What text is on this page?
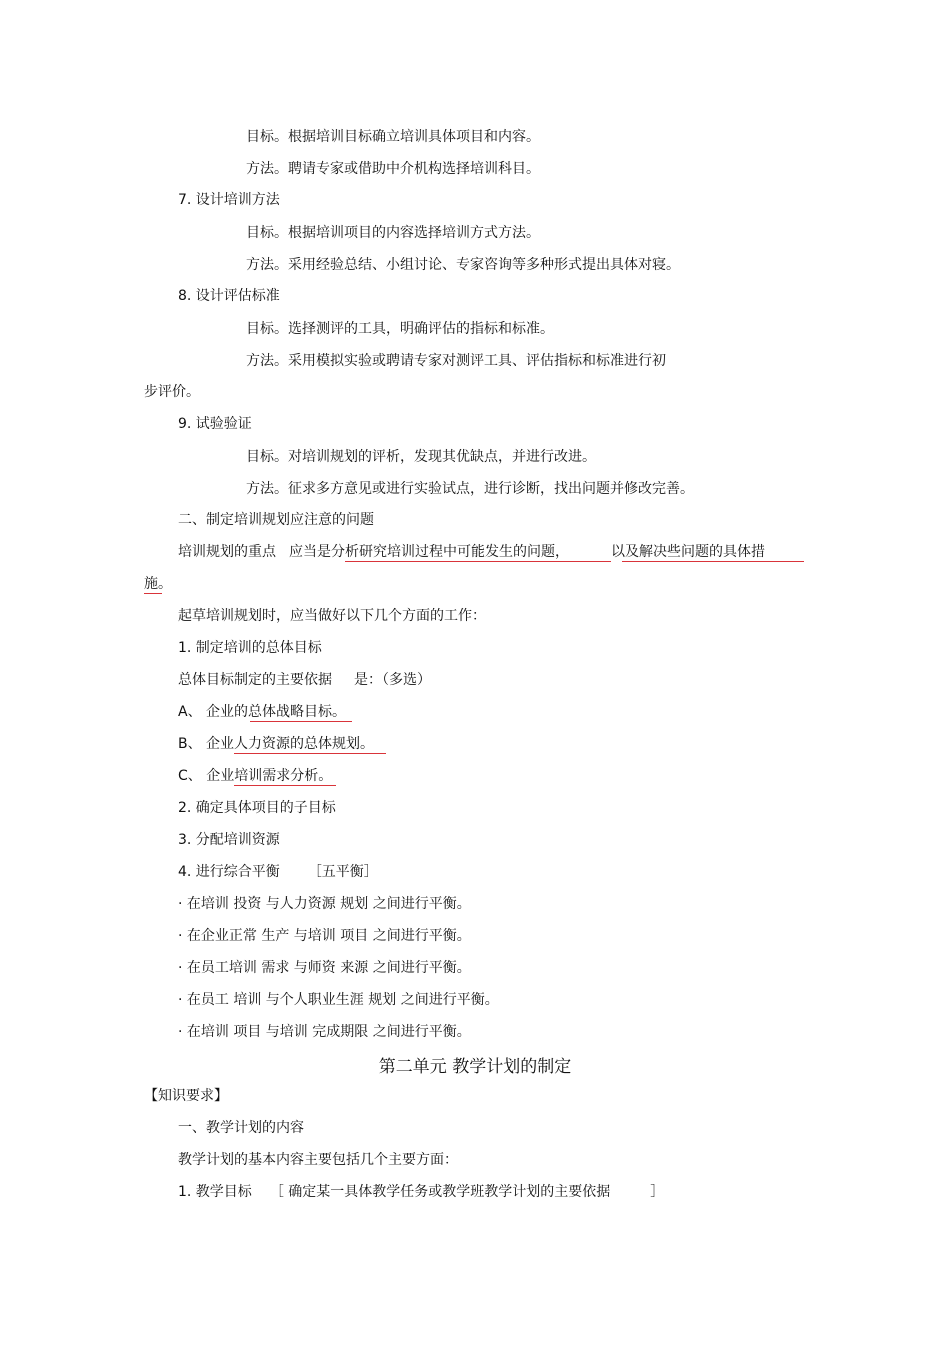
目标。根据培训目标确立培训具体项目和内容。
方法。聘请专家或借助中介机构选择培训科目。
7. 设计培训方法
目标。根据培训项目的内容选择培训方式方法。
方法。采用经验总结、小组讨论、专家咨询等多种形式提出具体对寝。
8. 设计评估标准
目标。选择测评的工具，明确评估的指标和标准。
方法。采用模拟实验或聘请专家对测评工具、评估指标和标准进行初
步评价。
9. 试验验证
目标。对培训规划的评析，发现其优缺点，并进行改进。
方法。征求多方意见或进行实验试点，进行诊断，找出问题并修改完善。
二、制定培训规划应注意的问题
培训规划的重点 应当是分析研究培训过程中可能发生的问题，	以及解决些问题的具体措
施。
起草培训规划时，应当做好以下几个方面的工作：
1. 制定培训的总体目标
总体目标制定的主要依据 是：（多选）
A、 企业的总体战略目标。
B、 企业人力资源的总体规划。
C、 企业培训需求分析。
2. 确定具体项目的子目标
3. 分配培训资源
4. 进行综合平衡 ［五平衡］
· 在培训 投资 与人力资源 规划 之间进行平衡。
· 在企业正常 生产 与培训 项目 之间进行平衡。
· 在员工培训 需求 与师资 来源 之间进行平衡。
· 在员工 培训 与个人职业生涯 规划 之间进行平衡。
· 在培训 项目 与培训 完成期限 之间进行平衡。
第二单元 教学计划的制定
【知识要求】
一、教学计划的内容
教学计划的基本内容主要包括几个主要方面：
1. 教学目标 ［ 确定某一具体教学任务或教学班教学计划的主要依据	］
